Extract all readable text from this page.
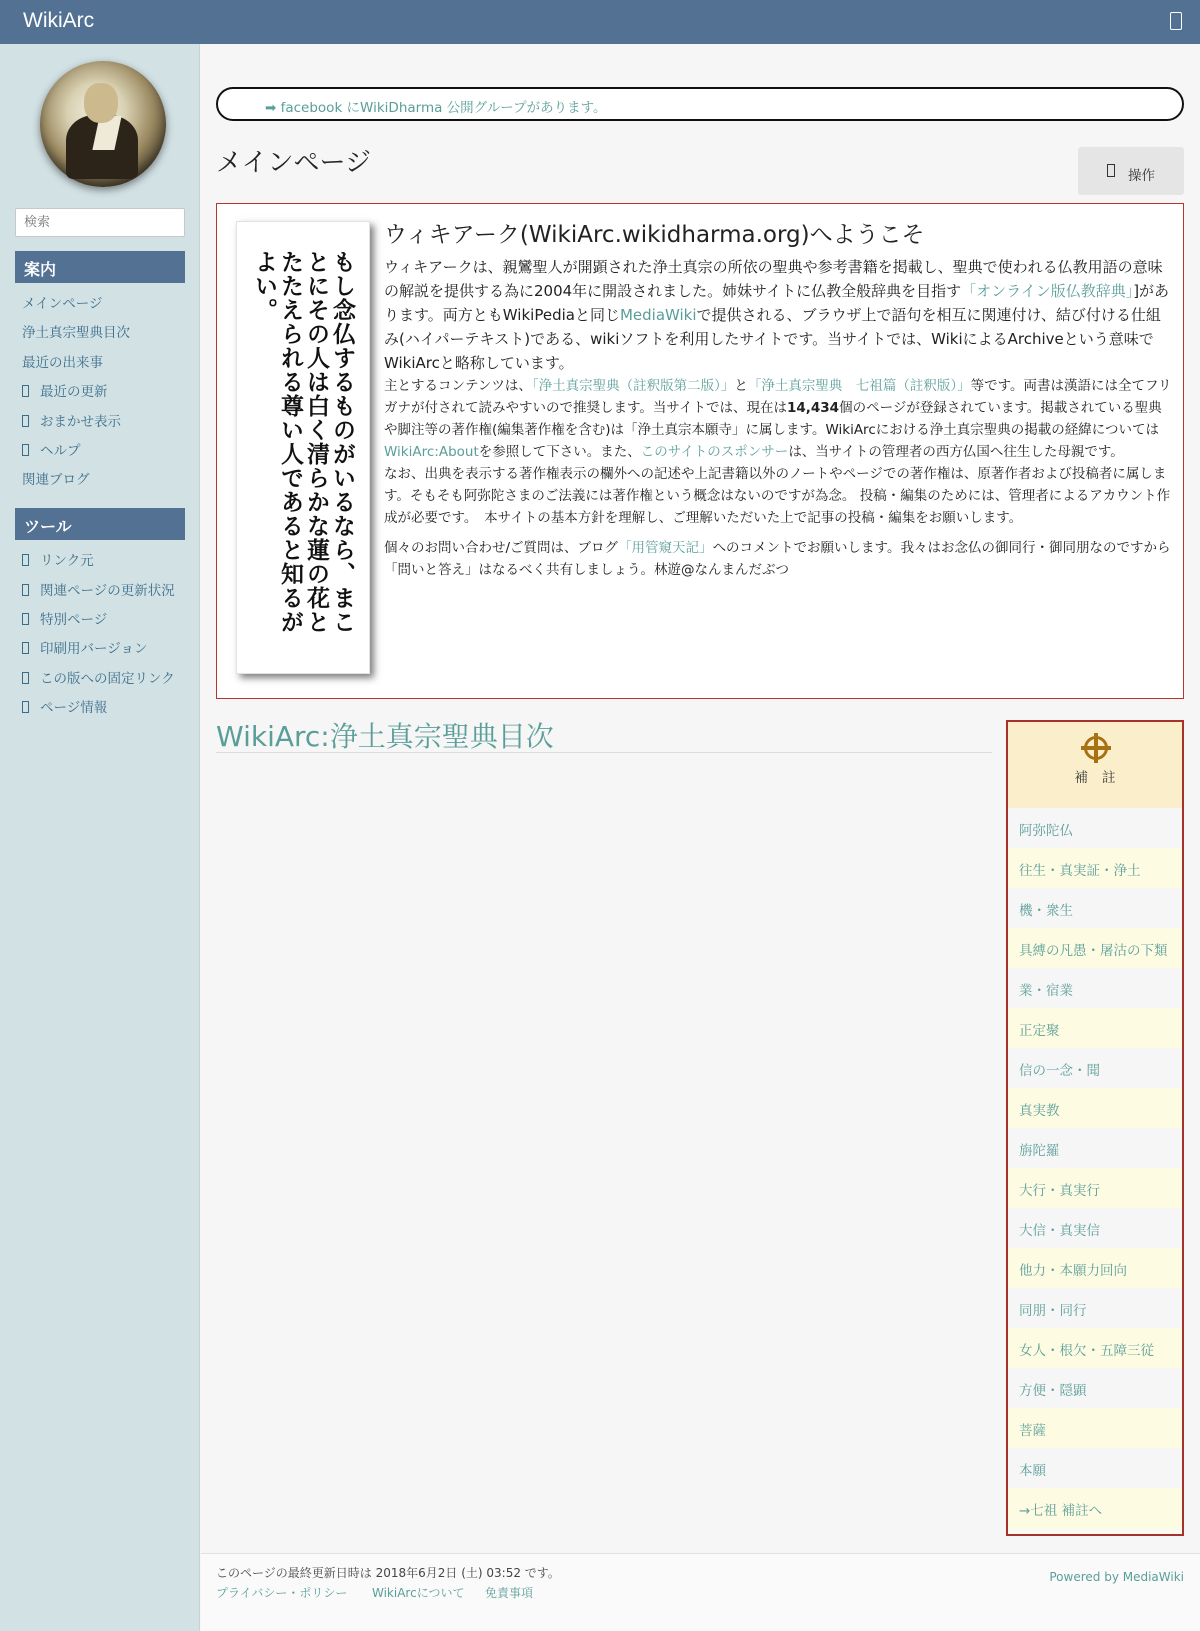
WikiArc
検索
案内
メインページ
浄土真宗聖典目次
最近の出来事
最近の更新
おまかせ表示
ヘルプ
関連ブログ
ツール
リンク元
関連ページの更新状況
特別ページ
印刷用バージョン
この版への固定リンク
ページ情報
➡ facebook にWikiDharma 公開グループがあります。
メインページ	操作

もし念仏するものがいるなら、まことにその人は白く清らかな蓮の花とたたえられる尊い人であると知るがよい。

ウィキアーク(WikiArc.wikidharma.org)へようこそ

ウィキアークは、親鸞聖人が開顕された浄土真宗の所依の聖典や参考書籍を掲載し、聖典で使われる仏教用語の意味の解説を提供する為に2004年に開設されました。姉妹サイトに仏教全般辞典を目指す「オンライン版仏教辞典」]があります。両方ともWikiPediaと同じMediaWikiで提供される、ブラウザ上で語句を相互に関連付け、結び付ける仕組み(ハイパーテキスト)である、wikiソフトを利用したサイトです。当サイトでは、WikiによるArchiveという意味でWikiArcと略称しています。

主とするコンテンツは、「浄土真宗聖典（註釈版第二版）」と「浄土真宗聖典　七祖篇（註釈版）」等です。両書は漢語には全てフリガナが付されて読みやすいので推奨します。当サイトでは、現在は14,434個のページが登録されています。掲載されている聖典や脚注等の著作権(編集著作権を含む)は「浄土真宗本願寺」に属します。WikiArcにおける浄土真宗聖典の掲載の経緯についてはWikiArc:Aboutを参照して下さい。また、このサイトのスポンサーは、当サイトの管理者の西方仏国へ往生した母親です。

なお、出典を表示する著作権表示の欄外への記述や上記書籍以外のノートやページでの著作権は、原著作者および投稿者に属します。そもそも阿弥陀さまのご法義には著作権という概念はないのですが為念。 投稿・編集のためには、管理者によるアカウント作成が必要です。　本サイトの基本方針を理解し、ご理解いただいた上で記事の投稿・編集をお願いします。

個々のお問い合わせ/ご質問は、ブログ「用管窺天記」へのコメントでお願いします。我々はお念仏の御同行・御同朋なのですから「問いと答え」はなるべく共有しましょう。林遊@なんまんだぶつ

WikiArc:浄土真宗聖典目次
補註
阿弥陀仏
往生・真実証・浄土
機・衆生
具縛の凡愚・屠沽の下類
業・宿業
正定聚
信の一念・聞
真実教
旃陀羅
大行・真実行
大信・真実信
他力・本願力回向
同朋・同行
女人・根欠・五障三従
方便・隠顕
菩薩
本願
→七祖 補註へ
このページの最終更新日時は 2018年6月2日 (土) 03:52 です。
プライバシー・ポリシー WikiArcについて 免責事項
Powered by MediaWiki
